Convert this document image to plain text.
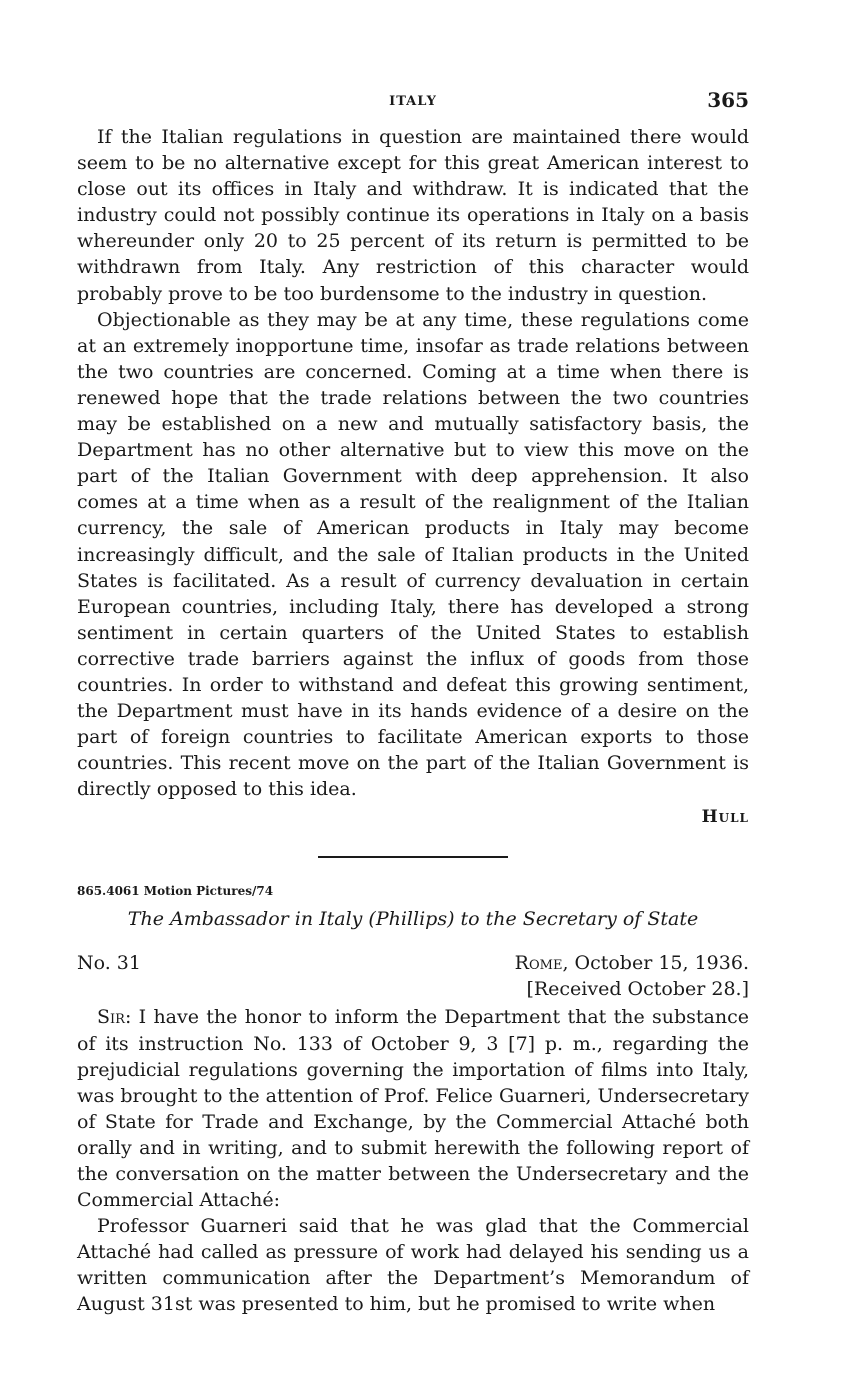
ITALY	365

If the Italian regulations in question are maintained there would seem to be no alternative except for this great American interest to close out its offices in Italy and withdraw. It is indicated that the industry could not possibly continue its operations in Italy on a basis whereunder only 20 to 25 percent of its return is permitted to be withdrawn from Italy. Any restriction of this character would probably prove to be too burdensome to the industry in question.

Objectionable as they may be at any time, these regulations come at an extremely inopportune time, insofar as trade relations between the two countries are concerned. Coming at a time when there is renewed hope that the trade relations between the two countries may be established on a new and mutually satisfactory basis, the Department has no other alternative but to view this move on the part of the Italian Government with deep apprehension. It also comes at a time when as a result of the realignment of the Italian currency, the sale of American products in Italy may become increasingly difficult, and the sale of Italian products in the United States is facilitated. As a result of currency devaluation in certain European countries, including Italy, there has developed a strong sentiment in certain quarters of the United States to establish corrective trade barriers against the influx of goods from those countries. In order to withstand and defeat this growing sentiment, the Department must have in its hands evidence of a desire on the part of foreign countries to facilitate American exports to those countries. This recent move on the part of the Italian Government is directly opposed to this idea.

Hull
865.4061 Motion Pictures/74
The Ambassador in Italy (Phillips) to the Secretary of State
No. 31	Rome, October 15, 1936.
[Received October 28.]

Sir: I have the honor to inform the Department that the substance of its instruction No. 133 of October 9, 3 [7] p. m., regarding the prejudicial regulations governing the importation of films into Italy, was brought to the attention of Prof. Felice Guarneri, Undersecretary of State for Trade and Exchange, by the Commercial Attaché both orally and in writing, and to submit herewith the following report of the conversation on the matter between the Undersecretary and the Commercial Attaché:

Professor Guarneri said that he was glad that the Commercial Attaché had called as pressure of work had delayed his sending us a written communication after the Department’s Memorandum of August 31st was presented to him, but he promised to write when
